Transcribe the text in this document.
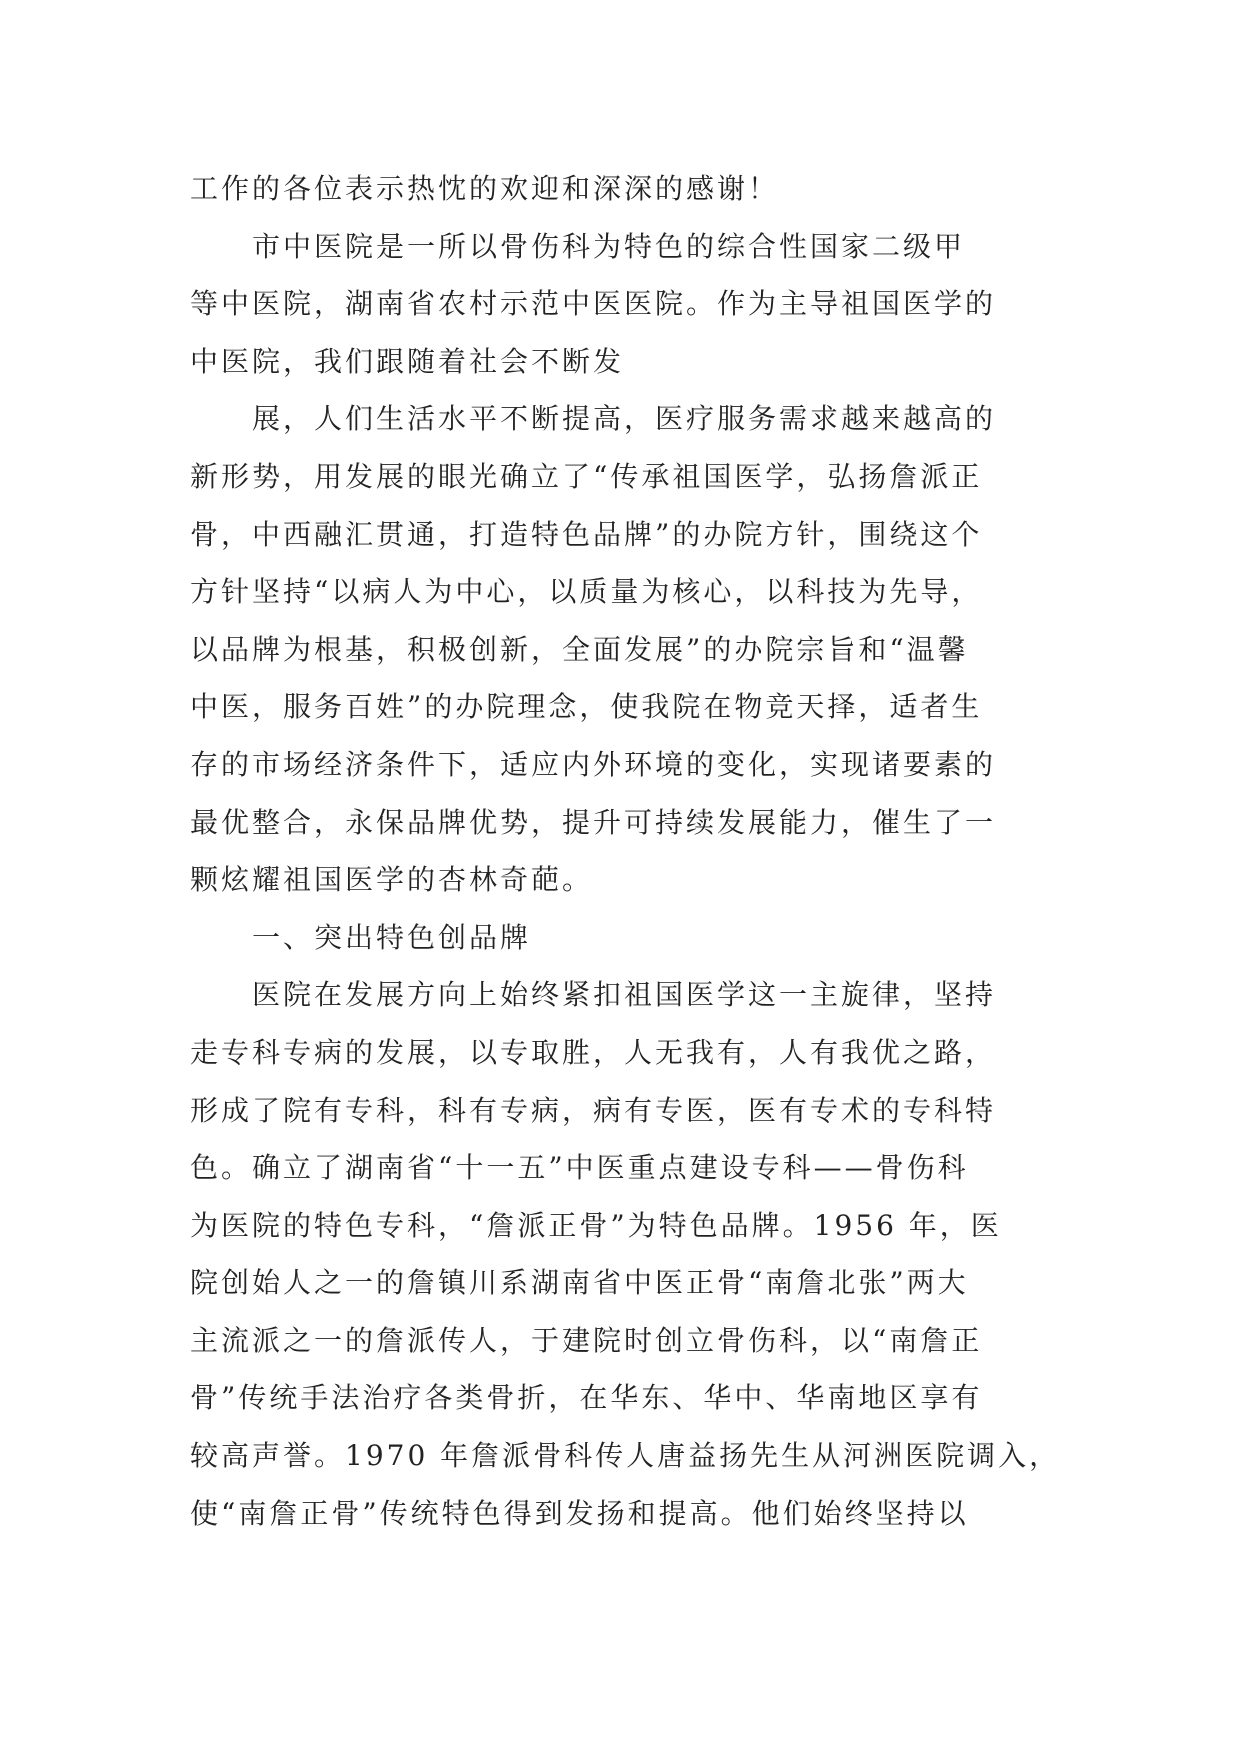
工作的各位表示热忱的欢迎和深深的感谢！
市中医院是一所以骨伤科为特色的综合性国家二级甲
等中医院，湖南省农村示范中医医院。作为主导祖国医学的
中医院，我们跟随着社会不断发
展，人们生活水平不断提高，医疗服务需求越来越高的
新形势，用发展的眼光确立了“传承祖国医学，弘扬詹派正
骨，中西融汇贯通，打造特色品牌”的办院方针，围绕这个
方针坚持“以病人为中心，以质量为核心，以科技为先导，
以品牌为根基，积极创新，全面发展”的办院宗旨和“温馨
中医，服务百姓”的办院理念，使我院在物竞天择，适者生
存的市场经济条件下，适应内外环境的变化，实现诸要素的
最优整合，永保品牌优势，提升可持续发展能力，催生了一
颗炫耀祖国医学的杏林奇葩。
一、突出特色创品牌
医院在发展方向上始终紧扣祖国医学这一主旋律，坚持
走专科专病的发展，以专取胜，人无我有，人有我优之路，
形成了院有专科，科有专病，病有专医，医有专术的专科特
色。确立了湖南省“十一五”中医重点建设专科——骨伤科
为医院的特色专科，“詹派正骨”为特色品牌。1956 年，医
院创始人之一的詹镇川系湖南省中医正骨“南詹北张”两大
主流派之一的詹派传人，于建院时创立骨伤科，以“南詹正
骨”传统手法治疗各类骨折，在华东、华中、华南地区享有
较高声誉。1970 年詹派骨科传人唐益扬先生从河洲医院调入，
使“南詹正骨”传统特色得到发扬和提高。他们始终坚持以
